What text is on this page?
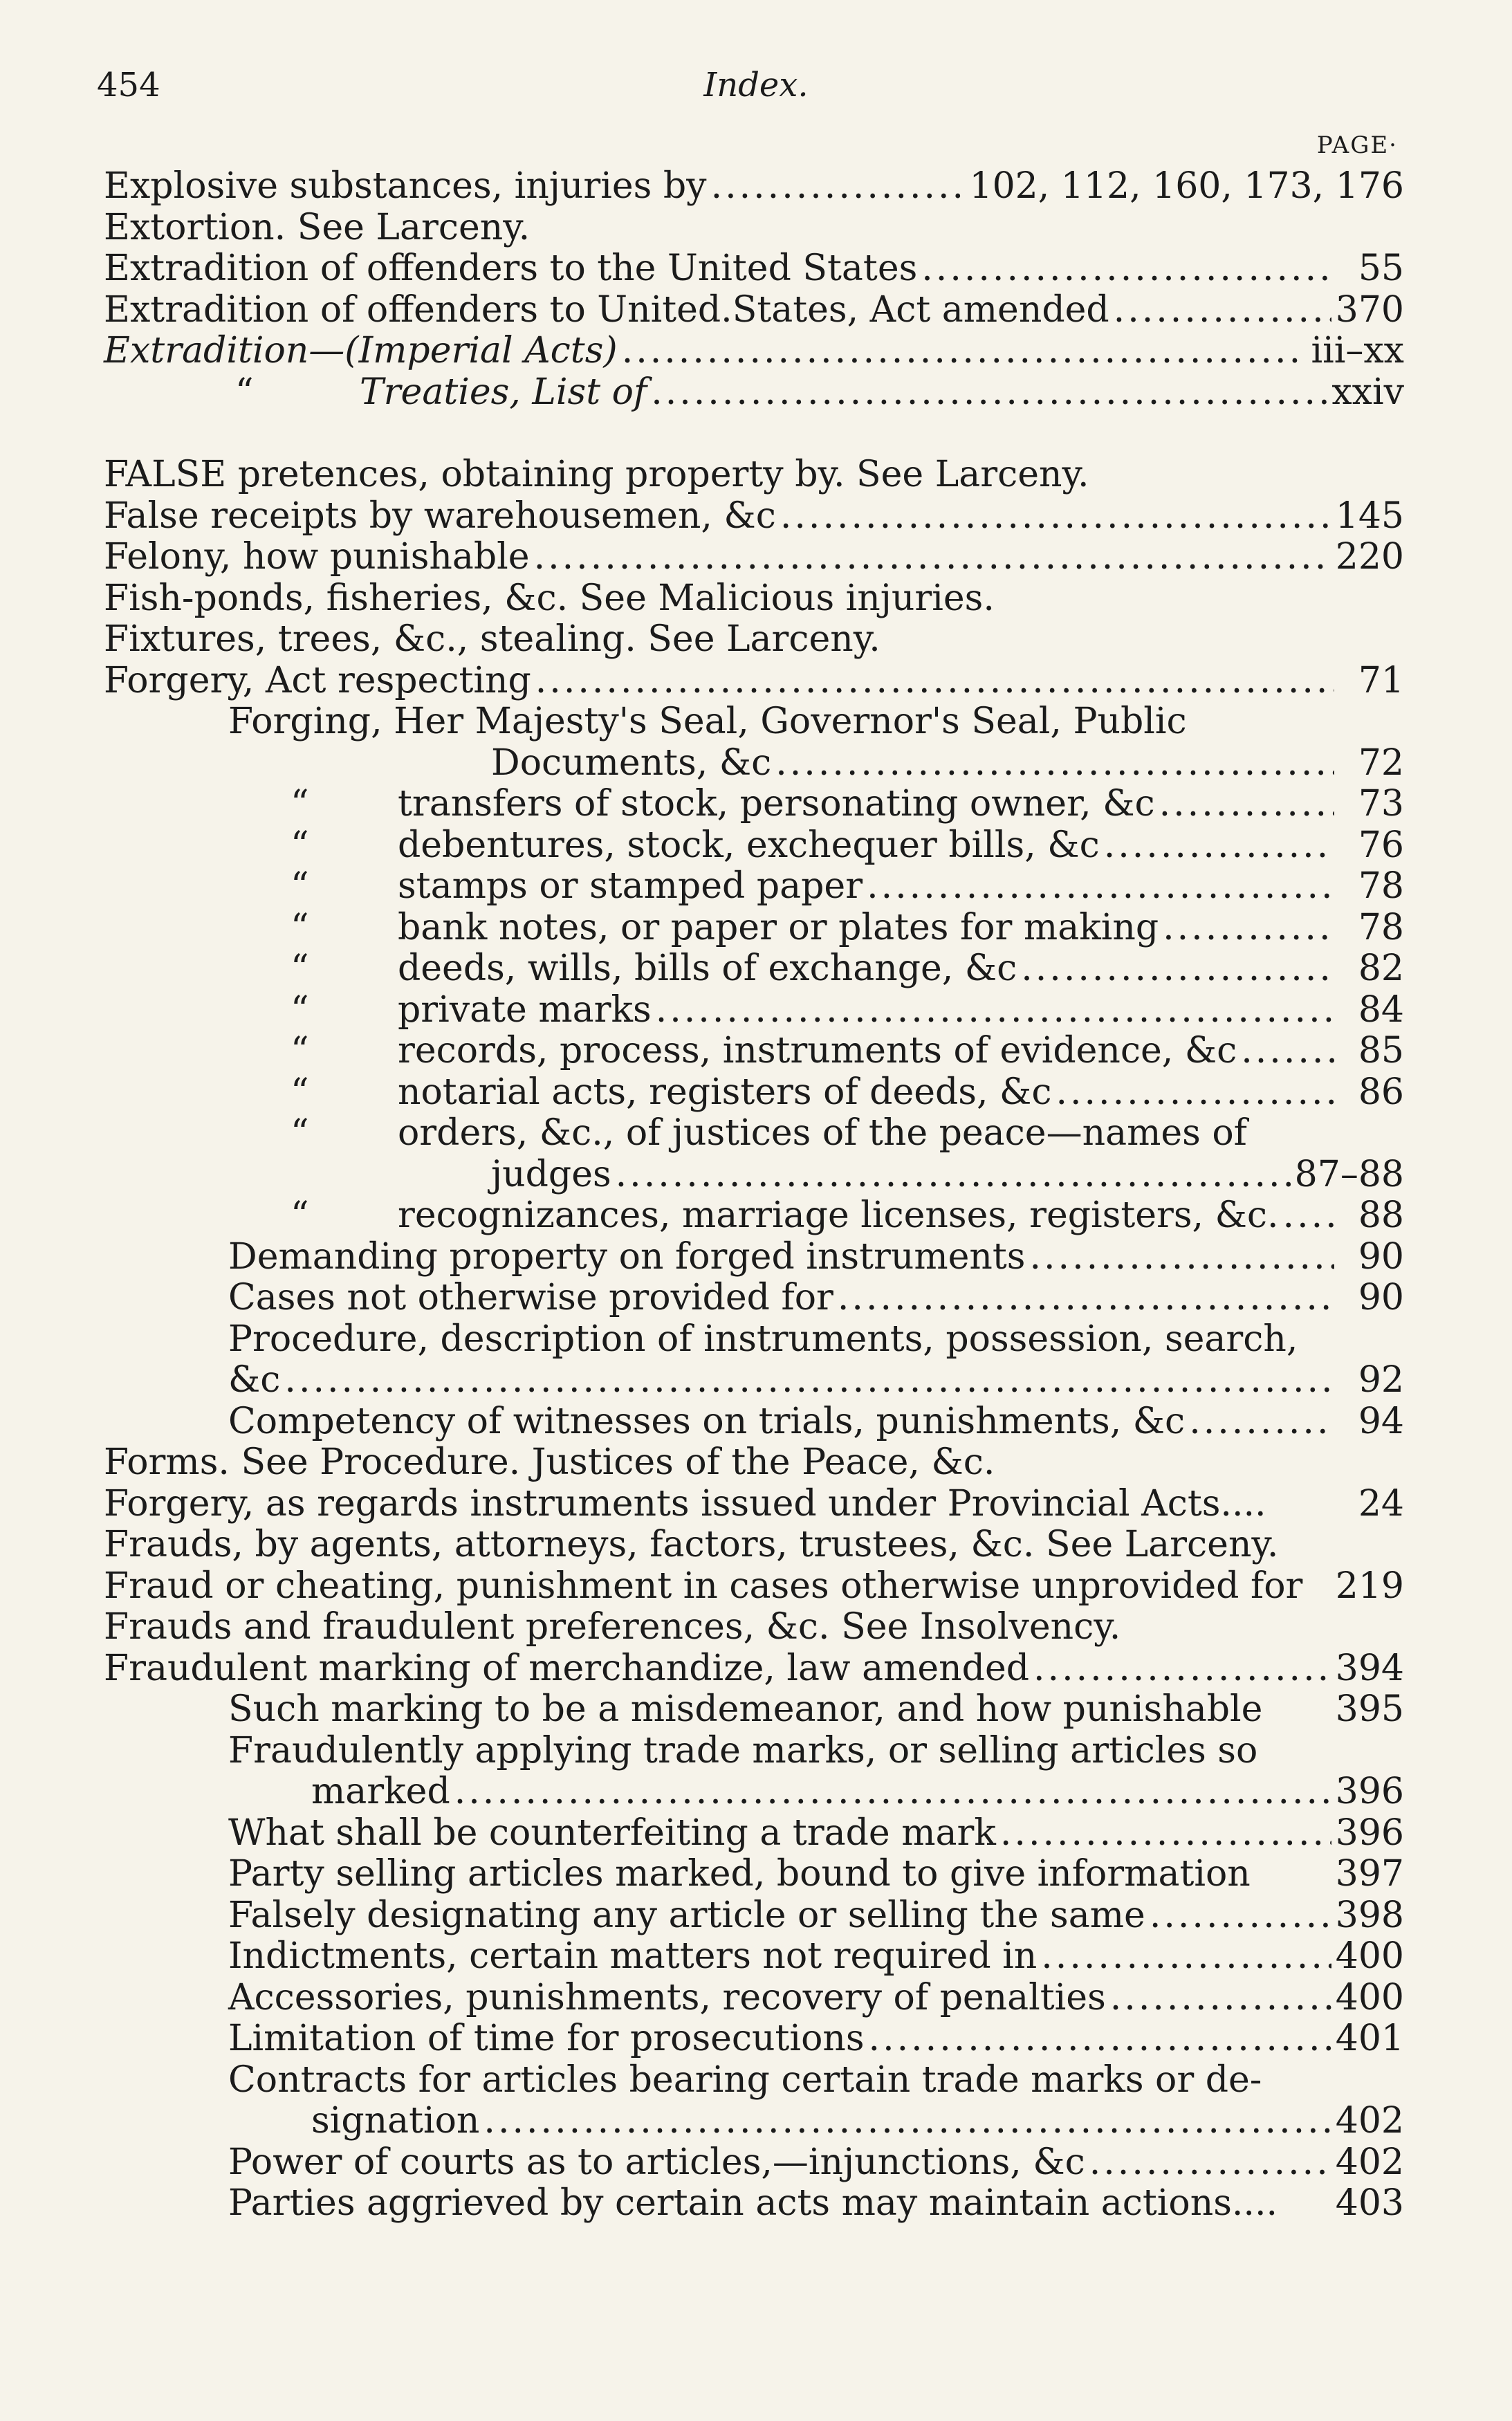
454	Index.
PAGE·
Explosive substances, injuries by .....	102, 112, 160, 173, 176
Extortion. See Larceny.
Extradition of offenders to the United States .....	55
Extradition of offenders to United.States, Act amended .....	370
Extradition—(Imperial Acts) .....	iii–xx
“	Treaties, List of .....	xxiv
FALSE pretences, obtaining property by. See Larceny.
False receipts by warehousemen, &c .....	145
Felony, how punishable .....	220
Fish-ponds, fisheries, &c. See Malicious injuries.
Fixtures, trees, &c., stealing. See Larceny.
Forgery, Act respecting .....	71
Forging, Her Majesty's Seal, Governor's Seal, Public
Documents, &c .....	72
“	transfers of stock, personating owner, &c .....	73
“	debentures, stock, exchequer bills, &c .....	76
“	stamps or stamped paper .....	78
“	bank notes, or paper or plates for making .....	78
“	deeds, wills, bills of exchange, &c .....	82
“	private marks .....	84
“	records, process, instruments of evidence, &c .....	85
“	notarial acts, registers of deeds, &c .....	86
“	orders, &c., of justices of the peace—names of
judges .....	87–88
“	recognizances, marriage licenses, registers, &c. .....	88
Demanding property on forged instruments .....	90
Cases not otherwise provided for .....	90
Procedure, description of instruments, possession, search,
&c .....	92
Competency of witnesses on trials, punishments, &c .....	94
Forms. See Procedure. Justices of the Peace, &c.
Forgery, as regards instruments issued under Provincial Acts....	24
Frauds, by agents, attorneys, factors, trustees, &c. See Larceny.
Fraud or cheating, punishment in cases otherwise unprovided for 219
Frauds and fraudulent preferences, &c. See Insolvency.
Fraudulent marking of merchandize, law amended .....	394
Such marking to be a misdemeanor, and how punishable 395
Fraudulently applying trade marks, or selling articles so
marked .....	396
What shall be counterfeiting a trade mark .....	396
Party selling articles marked, bound to give information 397
Falsely designating any article or selling the same .....	398
Indictments, certain matters not required in .....	400
Accessories, punishments, recovery of penalties .....	400
Limitation of time for prosecutions .....	401
Contracts for articles bearing certain trade marks or de-
signation .....	402
Power of courts as to articles,—injunctions, &c .....	402
Parties aggrieved by certain acts may maintain actions.... 403
